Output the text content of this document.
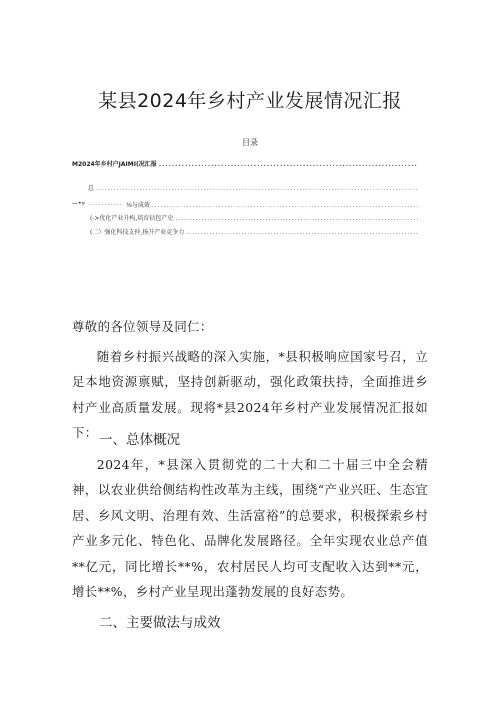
某县2024年乡村产业发展情况汇报
目录
M2024年乡村户JAIMI(况汇报
.....
总
.....
—•»
.....	⅛与成效
.....
(->优化产业升构,培育拈包产史
.....
(二）强化科技支仲,扬升产业竞争力
.....
尊敬的各位领导及同仁：
随着乡村振兴战略的深入实施，*县积极响应国家号召，立足本地资源禀赋，坚持创新驱动，强化政策扶持，全面推进乡村产业高质量发展。现将*县2024年乡村产业发展情况汇报如下： 一、总体概况
2024年，*县深入贯彻党的二十大和二十届三中全会精神，以农业供给侧结构性改革为主线，围绕“产业兴旺、生态宜居、乡风文明、治理有效、生活富裕”的总要求，积极探索乡村产业多元化、特色化、品牌化发展路径。全年实现农业总产值**亿元，同比增长**%，农村居民人均可支配收入达到**元，增长**%，乡村产业呈现出蓬勃发展的良好态势。
二、主要做法与成效
